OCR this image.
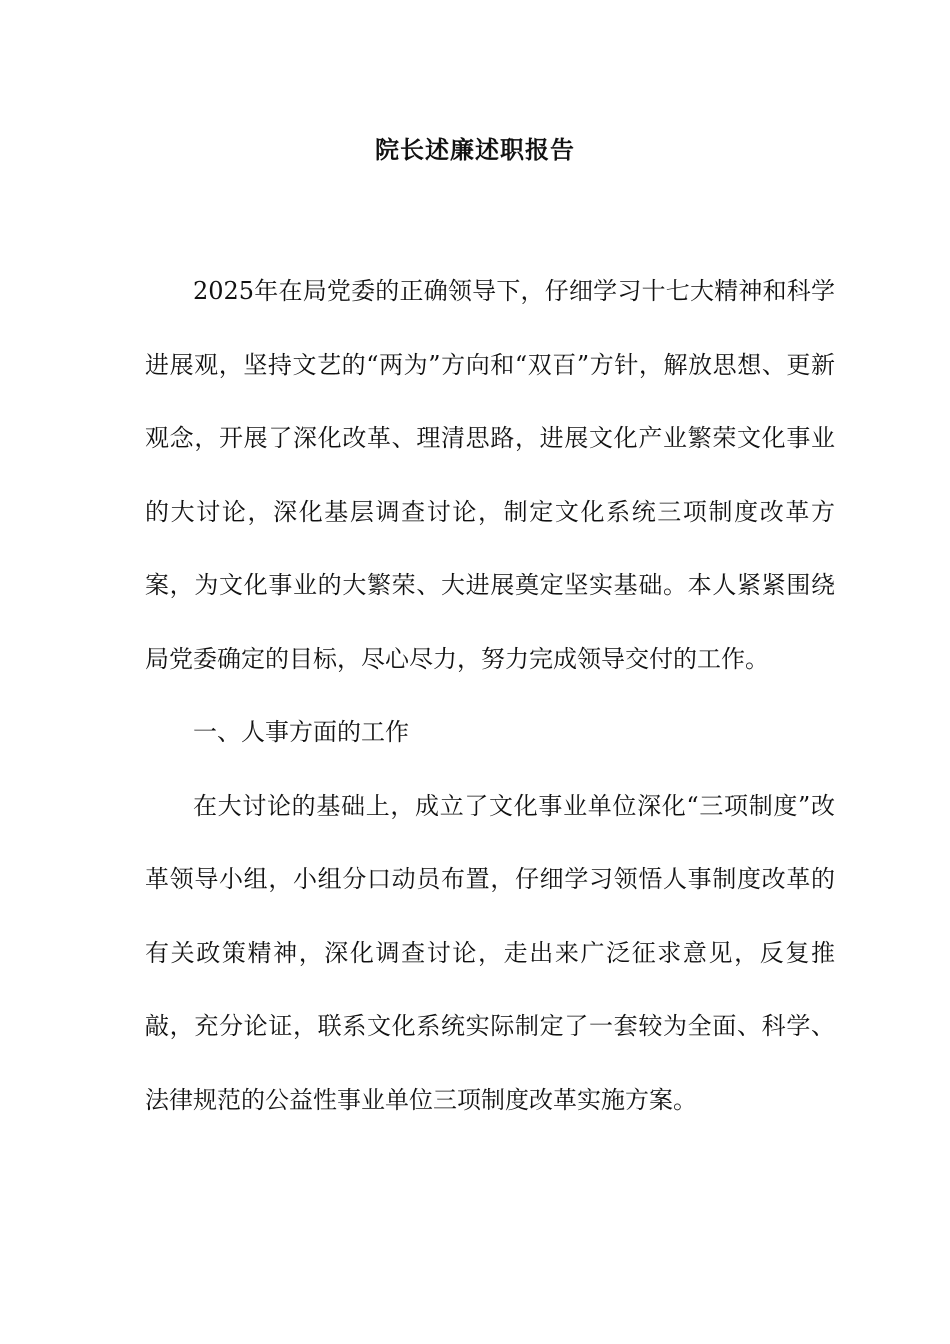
院长述廉述职报告

2025年在局党委的正确领导下，仔细学习十七大精神和科学进展观，坚持文艺的“两为”方向和“双百”方针，解放思想、更新观念，开展了深化改革、理清思路，进展文化产业繁荣文化事业的大讨论，深化基层调查讨论，制定文化系统三项制度改革方案，为文化事业的大繁荣、大进展奠定坚实基础。本人紧紧围绕局党委确定的目标，尽心尽力，努力完成领导交付的工作。

一、人事方面的工作

在大讨论的基础上，成立了文化事业单位深化“三项制度”改革领导小组，小组分口动员布置，仔细学习领悟人事制度改革的有关政策精神，深化调查讨论，走出来广泛征求意见，反复推敲，充分论证，联系文化系统实际制定了一套较为全面、科学、法律规范的公益性事业单位三项制度改革实施方案。
